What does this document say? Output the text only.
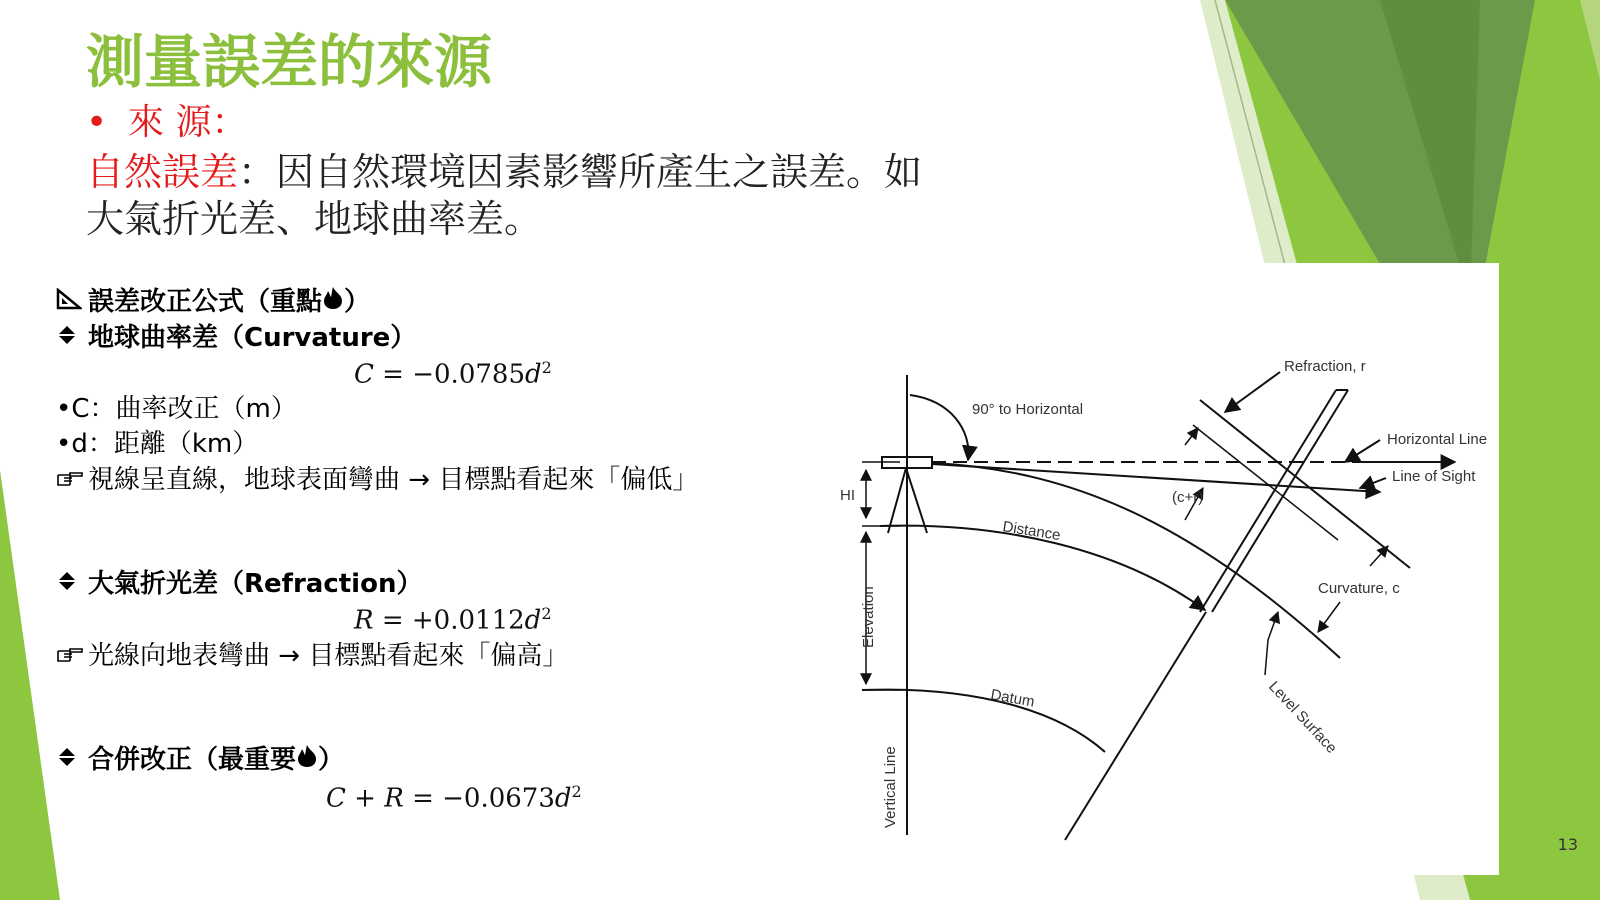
測量誤差的來源

• 來 源：

自然誤差：因自然環境因素影響所產生之誤差。如

大氣折光差、地球曲率差。

誤差改正公式（重點 ）

地球曲率差（Curvature）

$C = -0.0785d^2$

•C：曲率改正（m）

•d：距離（km）

視線呈直線，地球表面彎曲 → 目標點看起來「偏低」

大氣折光差（Refraction）

$R = +0.0112d^2$

光線向地表彎曲 → 目標點看起來「偏高」

合併改正（最重要 ）

$C + R = -0.0673d^2$

Refraction, r
90° to Horizontal
Horizontal Line
Line of Sight
HI	(c+r)
Distance
Elevation	Curvature, c
Datum	Level Surface
Vertical Line
13
